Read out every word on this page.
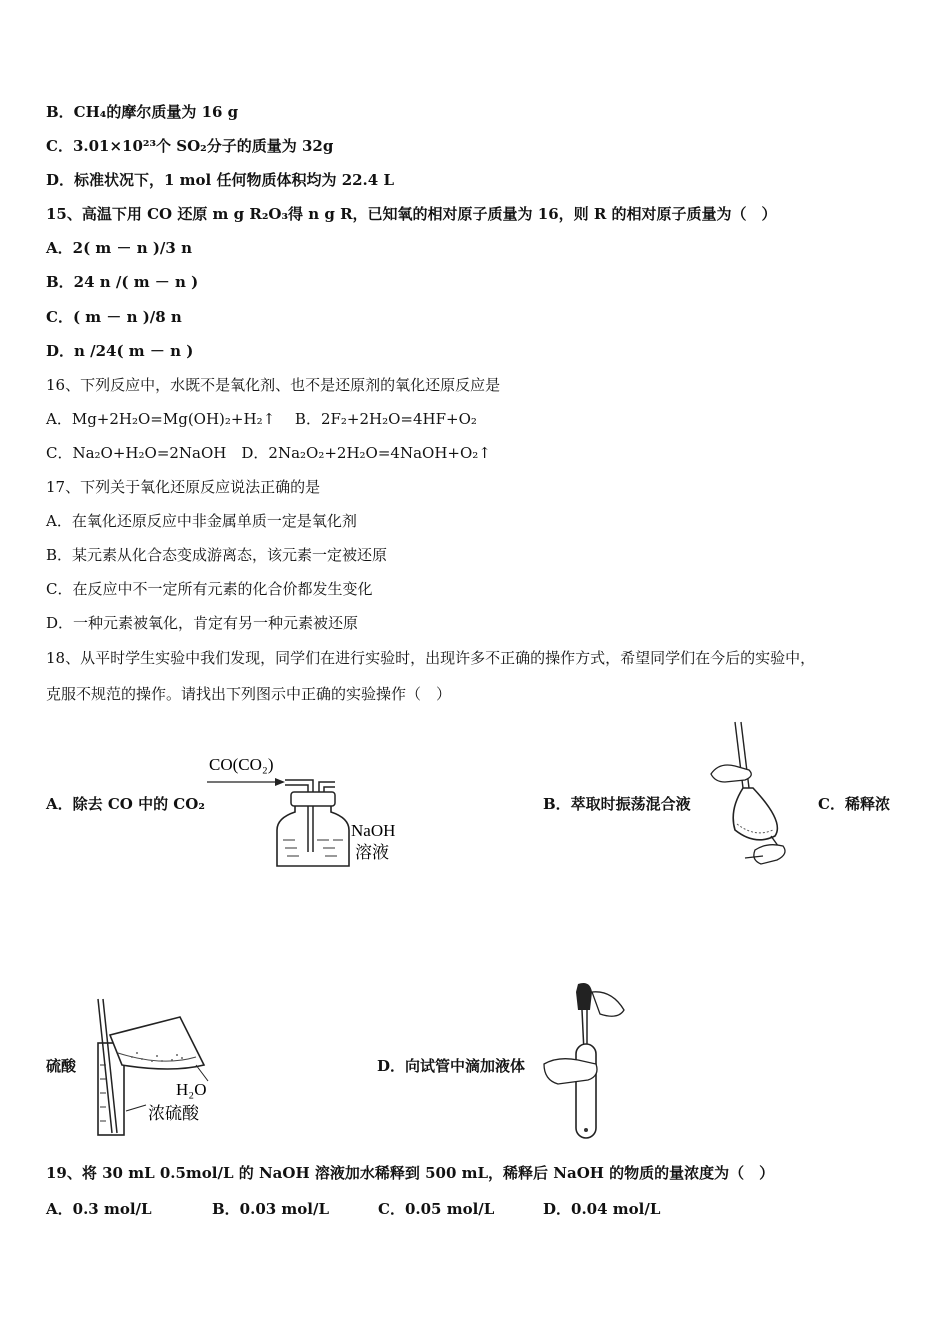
B．CH₄的摩尔质量为 16 g
C．3.01×10²³个 SO₂分子的质量为 32g
D．标准状况下，1 mol 任何物质体积均为 22.4 L
15、高温下用 CO 还原 m g R₂O₃得 n g R，已知氧的相对原子质量为 16，则 R 的相对原子质量为（　）
A．2( m － n )/3 n
B．24 n /( m － n )
C．( m － n )/8 n
D．n /24( m － n )
16、下列反应中，水既不是氧化剂、也不是还原剂的氧化还原反应是
A．Mg+2H₂O=Mg(OH)₂+H₂↑　 B．2F₂+2H₂O=4HF+O₂
C．Na₂O+H₂O=2NaOH　D．2Na₂O₂+2H₂O=4NaOH+O₂↑
17、下列关于氧化还原反应说法正确的是
A．在氧化还原反应中非金属单质一定是氧化剂
B．某元素从化合态变成游离态，该元素一定被还原
C．在反应中不一定所有元素的化合价都发生变化
D．一种元素被氧化，肯定有另一种元素被还原
18、从平时学生实验中我们发现，同学们在进行实验时，出现许多不正确的操作方式，希望同学们在今后的实验中，
克服不规范的操作。请找出下列图示中正确的实验操作（　）
A．除去 CO 中的 CO₂
CO(CO₂)
NaOH
溶液
B．萃取时振荡混合液	C．稀释浓
硫酸
H₂O
浓硫酸
D．向试管中滴加液体
19、将 30 mL 0.5mol/L 的 NaOH 溶液加水稀释到 500 mL，稀释后 NaOH 的物质的量浓度为（　）
A．0.3 mol/L	B．0.03 mol/L	C．0.05 mol/L	D．0.04 mol/L
